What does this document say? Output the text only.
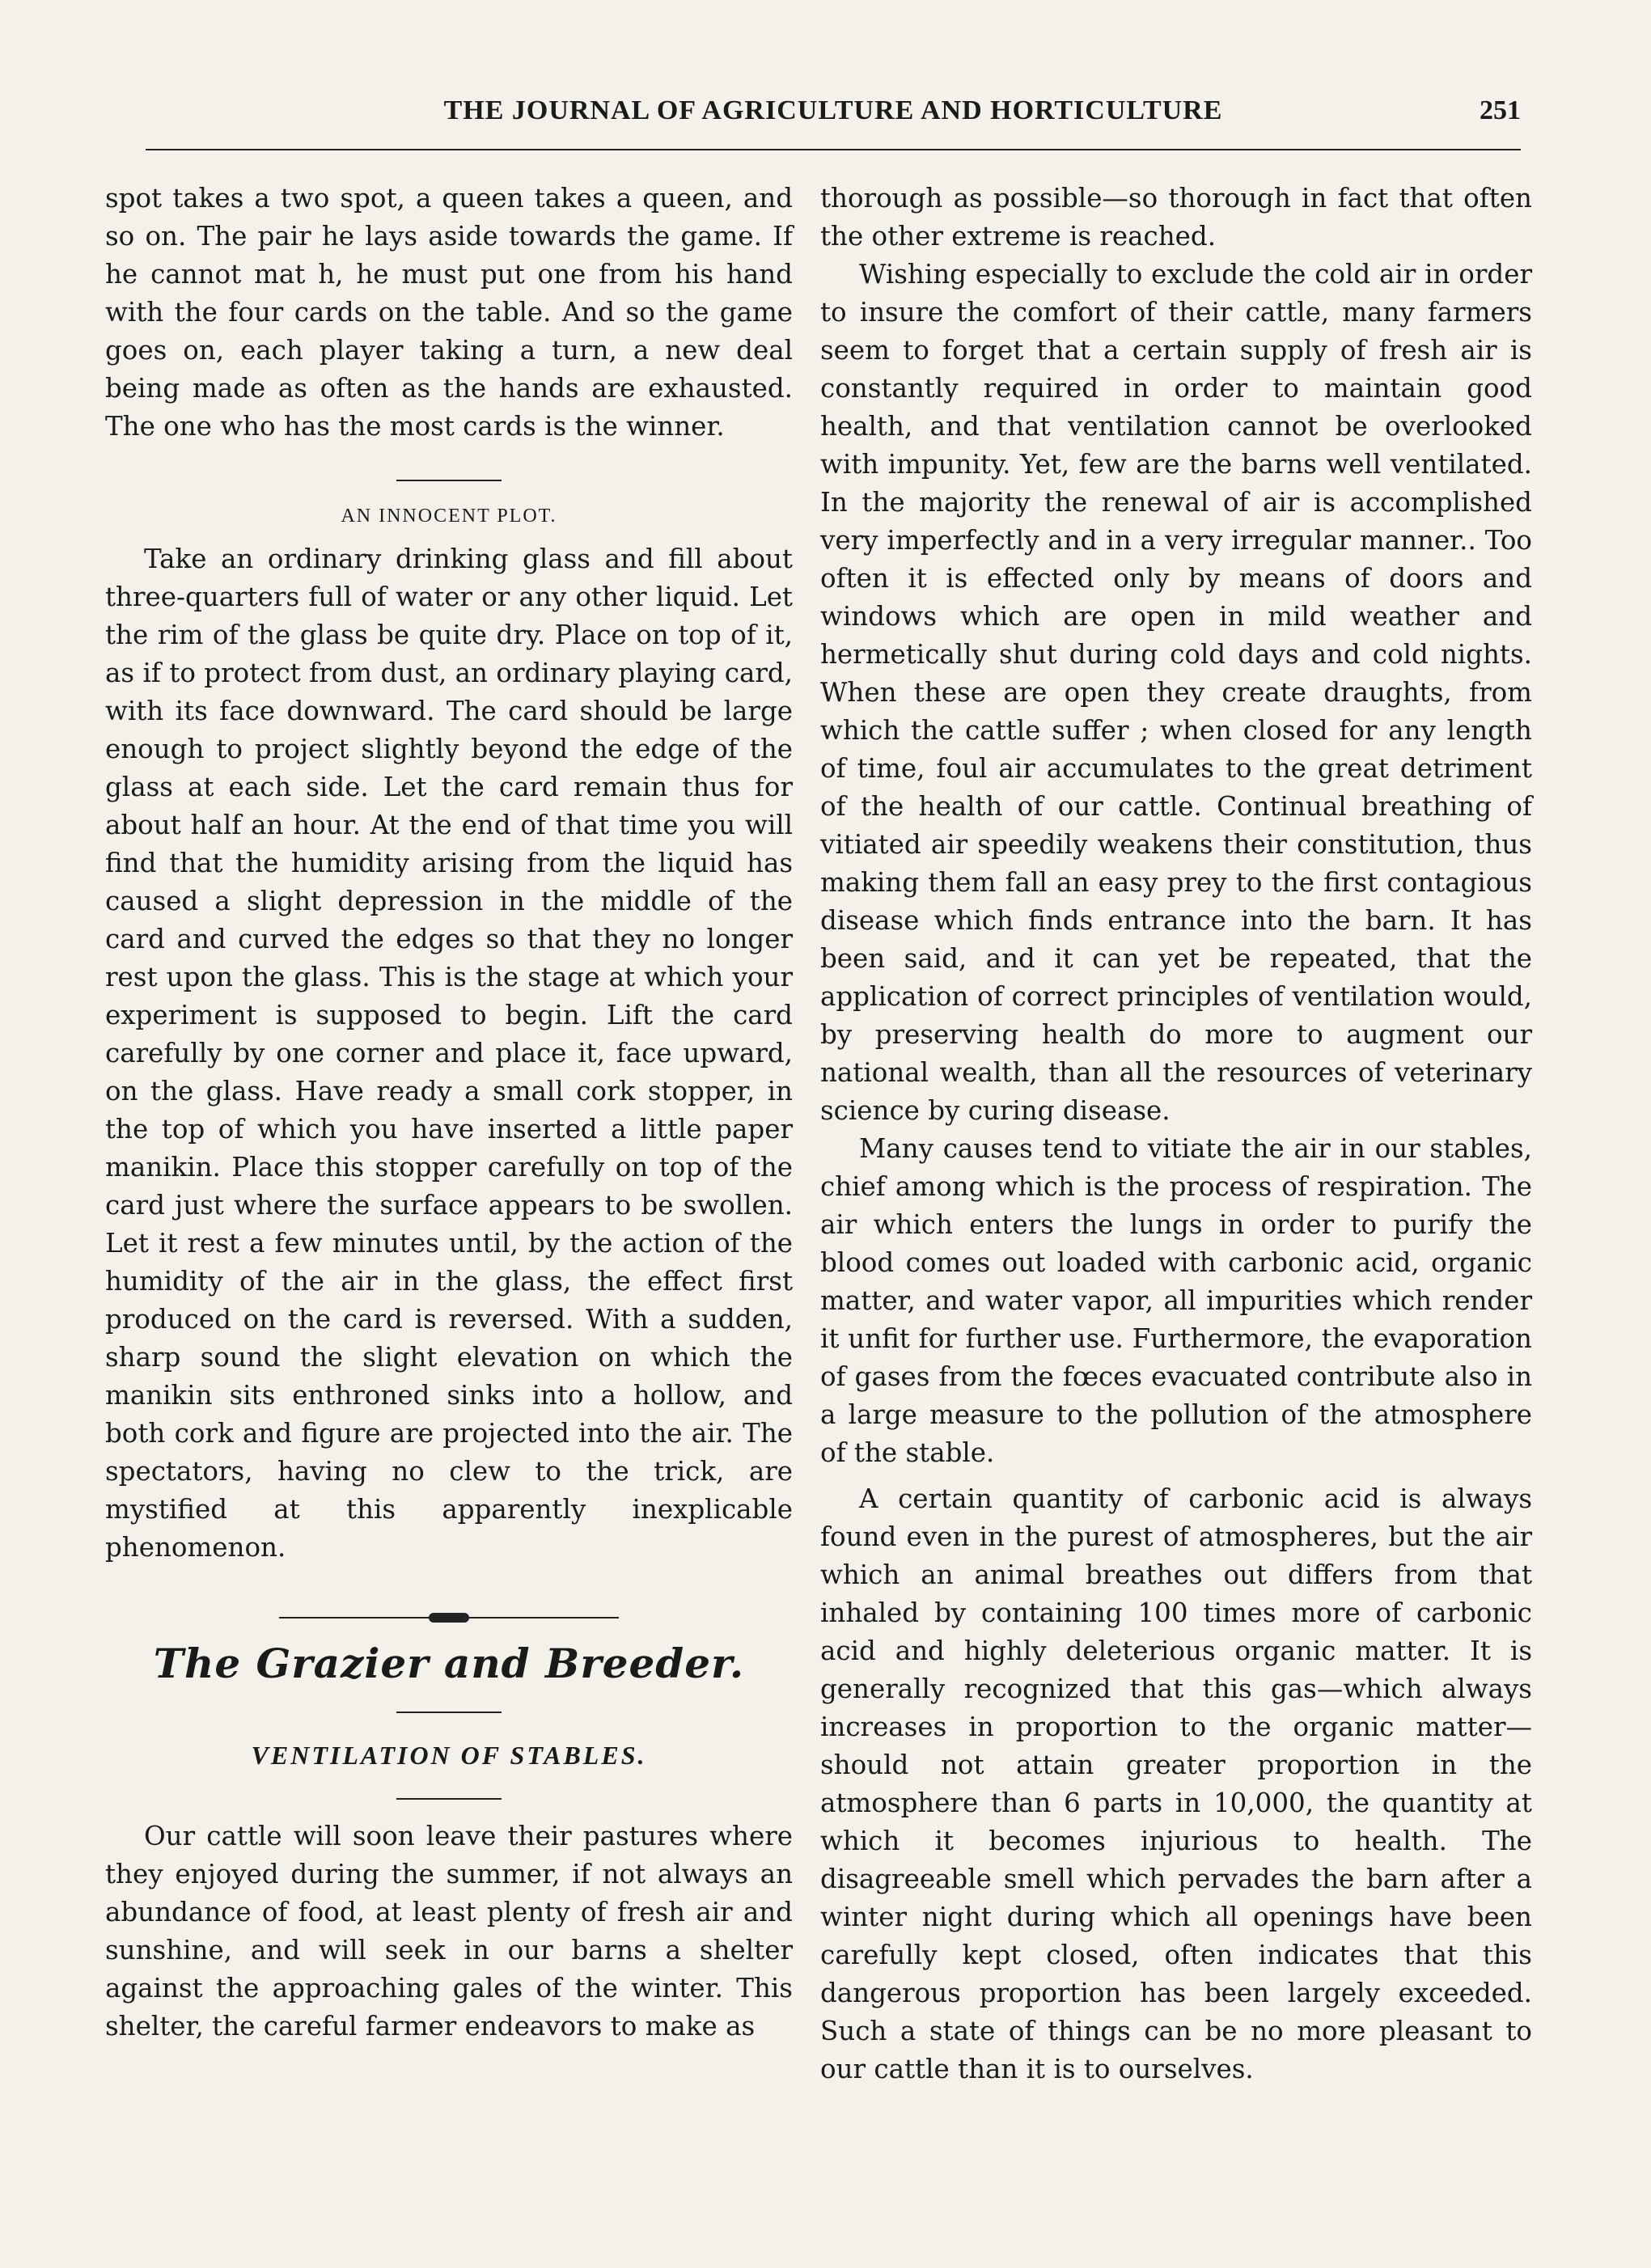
THE JOURNAL OF AGRICULTURE AND HORTICULTURE	251

spot takes a two spot, a queen takes a queen, and so on. The pair he lays aside towards the game. If he cannot mat h, he must put one from his hand with the four cards on the table. And so the game goes on, each player taking a turn, a new deal being made as often as the hands are exhausted. The one who has the most cards is the winner.

AN INNOCENT PLOT.

Take an ordinary drinking glass and fill about three-quarters full of water or any other liquid. Let the rim of the glass be quite dry. Place on top of it, as if to protect from dust, an ordinary playing card, with its face downward. The card should be large enough to project slightly beyond the edge of the glass at each side. Let the card remain thus for about half an hour. At the end of that time you will find that the humidity arising from the liquid has caused a slight depression in the middle of the card and curved the edges so that they no longer rest upon the glass. This is the stage at which your experiment is supposed to begin. Lift the card carefully by one corner and place it, face upward, on the glass. Have ready a small cork stopper, in the top of which you have inserted a little paper manikin. Place this stopper carefully on top of the card just where the surface appears to be swollen. Let it rest a few minutes until, by the action of the humidity of the air in the glass, the effect first produced on the card is reversed. With a sudden, sharp sound the slight elevation on which the manikin sits enthroned sinks into a hollow, and both cork and figure are projected into the air. The spectators, having no clew to the trick, are mystified at this apparently inexplicable phenomenon.

The Grazier and Breeder.

VENTILATION OF STABLES.

Our cattle will soon leave their pastures where they enjoyed during the summer, if not always an abundance of food, at least plenty of fresh air and sunshine, and will seek in our barns a shelter against the approaching gales of the winter. This shelter, the careful farmer endeavors to make as

thorough as possible—so thorough in fact that often the other extreme is reached.

Wishing especially to exclude the cold air in order to insure the comfort of their cattle, many farmers seem to forget that a certain supply of fresh air is constantly required in order to maintain good health, and that ventilation cannot be overlooked with impunity. Yet, few are the barns well ventilated. In the majority the renewal of air is accomplished very imperfectly and in a very irregular manner.. Too often it is effected only by means of doors and windows which are open in mild weather and hermetically shut during cold days and cold nights. When these are open they create draughts, from which the cattle suffer ; when closed for any length of time, foul air accumulates to the great detriment of the health of our cattle. Continual breathing of vitiated air speedily weakens their constitution, thus making them fall an easy prey to the first contagious disease which finds entrance into the barn. It has been said, and it can yet be repeated, that the application of correct principles of ventilation would, by preserving health do more to augment our national wealth, than all the resources of veterinary science by curing disease.

Many causes tend to vitiate the air in our stables, chief among which is the process of respiration. The air which enters the lungs in order to purify the blood comes out loaded with carbonic acid, organic matter, and water vapor, all impurities which render it unfit for further use. Furthermore, the evaporation of gases from the fœces evacuated contribute also in a large measure to the pollution of the atmosphere of the stable.

A certain quantity of carbonic acid is always found even in the purest of atmospheres, but the air which an animal breathes out differs from that inhaled by containing 100 times more of carbonic acid and highly deleterious organic matter. It is generally recognized that this gas—which always increases in proportion to the organic matter—should not attain greater proportion in the atmosphere than 6 parts in 10,000, the quantity at which it becomes injurious to health. The disagreeable smell which pervades the barn after a winter night during which all openings have been carefully kept closed, often indicates that this dangerous proportion has been largely exceeded. Such a state of things can be no more pleasant to our cattle than it is to ourselves.
